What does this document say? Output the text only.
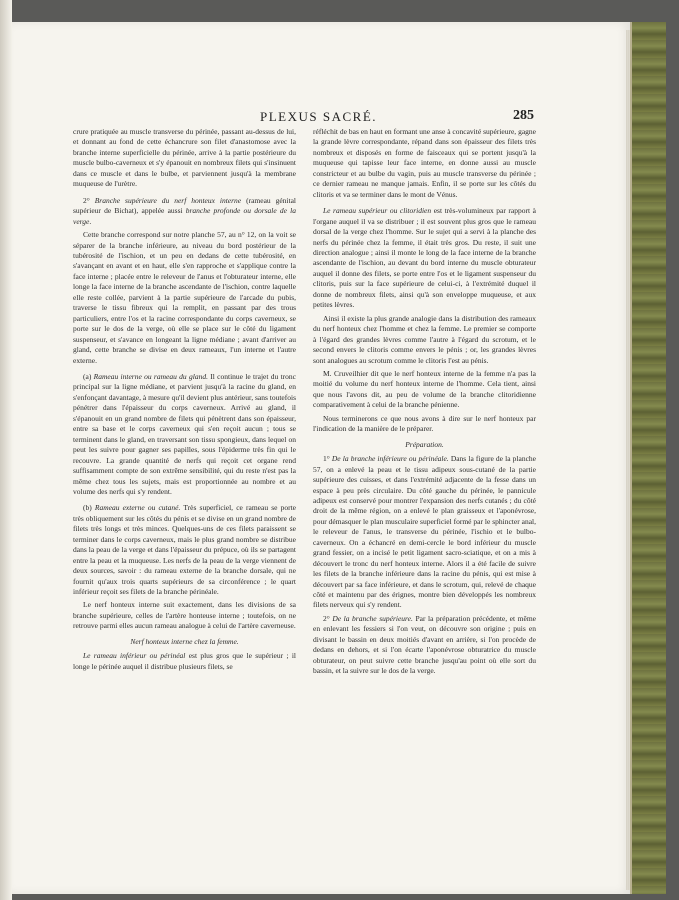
PLEXUS SACRÉ.	285

crure pratiquée au muscle transverse du périnée, passant au-dessus de lui, et donnant au fond de cette échancrure son filet d'anastomose avec la branche interne superficielle du périnée, arrive à la partie postérieure du muscle bulbo-caverneux et s'y épanouit en nombreux filets qui s'insinuent dans ce muscle et dans le bulbe, et parviennent jusqu'à la membrane muqueuse de l'urètre.

2° Branche supérieure du nerf honteux interne (rameau génital supérieur de Bichat), appelée aussi branche profonde ou dorsale de la verge.

Cette branche correspond sur notre planche 57, au n° 12, on la voit se séparer de la branche inférieure, au niveau du bord postérieur de la tubérosité de l'ischion, et un peu en dedans de cette tubérosité, en s'avançant en avant et en haut, elle s'en rapproche et s'applique contre la face interne ; placée entre le releveur de l'anus et l'obturateur interne, elle longe la face interne de la branche ascendante de l'ischion, contre laquelle elle reste collée, parvient à la partie supérieure de l'arcade du pubis, traverse le tissu fibreux qui la remplit, en passant par des trous particuliers, entre l'os et la racine correspondante du corps caverneux, se porte sur le dos de la verge, où elle se place sur le côté du ligament suspenseur, et s'avance en longeant la ligne médiane ; avant d'arriver au gland, cette branche se divise en deux rameaux, l'un interne et l'autre externe.

(a) Rameau interne ou rameau du gland. Il continue le trajet du tronc principal sur la ligne médiane, et parvient jusqu'à la racine du gland, en s'enfonçant davantage, à mesure qu'il devient plus antérieur, sans toutefois pénétrer dans l'épaisseur du corps caverneux. Arrivé au gland, il s'épanouit en un grand nombre de filets qui pénètrent dans son épaisseur, entre sa base et le corps caverneux qui s'en reçoit aucun ; tous se terminent dans le gland, en traversant son tissu spongieux, dans lequel on peut les suivre pour gagner ses papilles, sous l'épiderme très fin qui le recouvre. La grande quantité de nerfs qui reçoit cet organe rend suffisamment compte de son extrême sensibilité, qui du reste n'est pas la même chez tous les sujets, mais est proportionnée au nombre et au volume des nerfs qui s'y rendent.

(b) Rameau externe ou cutané. Très superficiel, ce rameau se porte très obliquement sur les côtés du pénis et se divise en un grand nombre de filets très longs et très minces. Quelques-uns de ces filets paraissent se terminer dans le corps caverneux, mais le plus grand nombre se distribue dans la peau de la verge et dans l'épaisseur du prépuce, où ils se partagent entre la peau et la muqueuse. Les nerfs de la peau de la verge viennent de deux sources, savoir : du rameau externe de la branche dorsale, qui ne fournit qu'aux trois quarts supérieurs de sa circonférence ; le quart inférieur reçoit ses filets de la branche périnéale.

Le nerf honteux interne suit exactement, dans les divisions de sa branche supérieure, celles de l'artère honteuse interne ; toutefois, on ne retrouve parmi elles aucun rameau analogue à celui de l'artère caverneuse.

Nerf honteux interne chez la femme.

Le rameau inférieur ou périnéal est plus gros que le supérieur ; il longe le périnée auquel il distribue plusieurs filets, se

réfléchit de bas en haut en formant une anse à concavité supérieure, gagne la grande lèvre correspondante, répand dans son épaisseur des filets très nombreux et disposés en forme de faisceaux qui se portent jusqu'à la muqueuse qui tapisse leur face interne, en donne aussi au muscle constricteur et au bulbe du vagin, puis au muscle transverse du périnée ; ce dernier rameau ne manque jamais. Enfin, il se porte sur les côtés du clitoris et va se terminer dans le mont de Vénus.

Le rameau supérieur ou clitoridien est très-volumineux par rapport à l'organe auquel il va se distribuer ; il est souvent plus gros que le rameau dorsal de la verge chez l'homme. Sur le sujet qui a servi à la planche des nerfs du périnée chez la femme, il était très gros. Du reste, il suit une direction analogue ; ainsi il monte le long de la face interne de la branche ascendante de l'ischion, au devant du bord interne du muscle obturateur auquel il donne des filets, se porte entre l'os et le ligament suspenseur du clitoris, puis sur la face supérieure de celui-ci, à l'extrémité duquel il donne de nombreux filets, ainsi qu'à son enveloppe muqueuse, et aux petites lèvres.

Ainsi il existe la plus grande analogie dans la distribution des rameaux du nerf honteux chez l'homme et chez la femme. Le premier se comporte à l'égard des grandes lèvres comme l'autre à l'égard du scrotum, et le second envers le clitoris comme envers le pénis ; or, les grandes lèvres sont analogues au scrotum comme le clitoris l'est au pénis.

M. Cruveilhier dit que le nerf honteux interne de la femme n'a pas la moitié du volume du nerf honteux interne de l'homme. Cela tient, ainsi que nous l'avons dit, au peu de volume de la branche clitoridienne comparativement à celui de la branche pénienne.

Nous terminerons ce que nous avons à dire sur le nerf honteux par l'indication de la manière de le préparer.

Préparation.

1° De la branche inférieure ou périnéale. Dans la figure de la planche 57, on a enlevé la peau et le tissu adipeux sous-cutané de la partie supérieure des cuisses, et dans l'extrémité adjacente de la fesse dans un espace à peu près circulaire. Du côté gauche du périnée, le pannicule adipeux est conservé pour montrer l'expansion des nerfs cutanés ; du côté droit de la même région, on a enlevé le plan graisseux et l'aponévrose, pour démasquer le plan musculaire superficiel formé par le sphincter anal, le releveur de l'anus, le transverse du périnée, l'ischio et le bulbo-caverneux. On a échancré en demi-cercle le bord inférieur du muscle grand fessier, on a incisé le petit ligament sacro-sciatique, et on a mis à découvert le tronc du nerf honteux interne. Alors il a été facile de suivre les filets de la branche inférieure dans la racine du pénis, qui est mise à découvert par sa face inférieure, et dans le scrotum, qui, relevé de chaque côté et maintenu par des érignes, montre bien développés les nombreux filets nerveux qui s'y rendent.

2° De la branche supérieure. Par la préparation précédente, et même en enlevant les fessiers si l'on veut, on découvre son origine ; puis en divisant le bassin en deux moitiés d'avant en arrière, si l'on procède de dedans en dehors, et si l'on écarte l'aponévrose obturatrice du muscle obturateur, on peut suivre cette branche jusqu'au point où elle sort du bassin, et la suivre sur le dos de la verge.
